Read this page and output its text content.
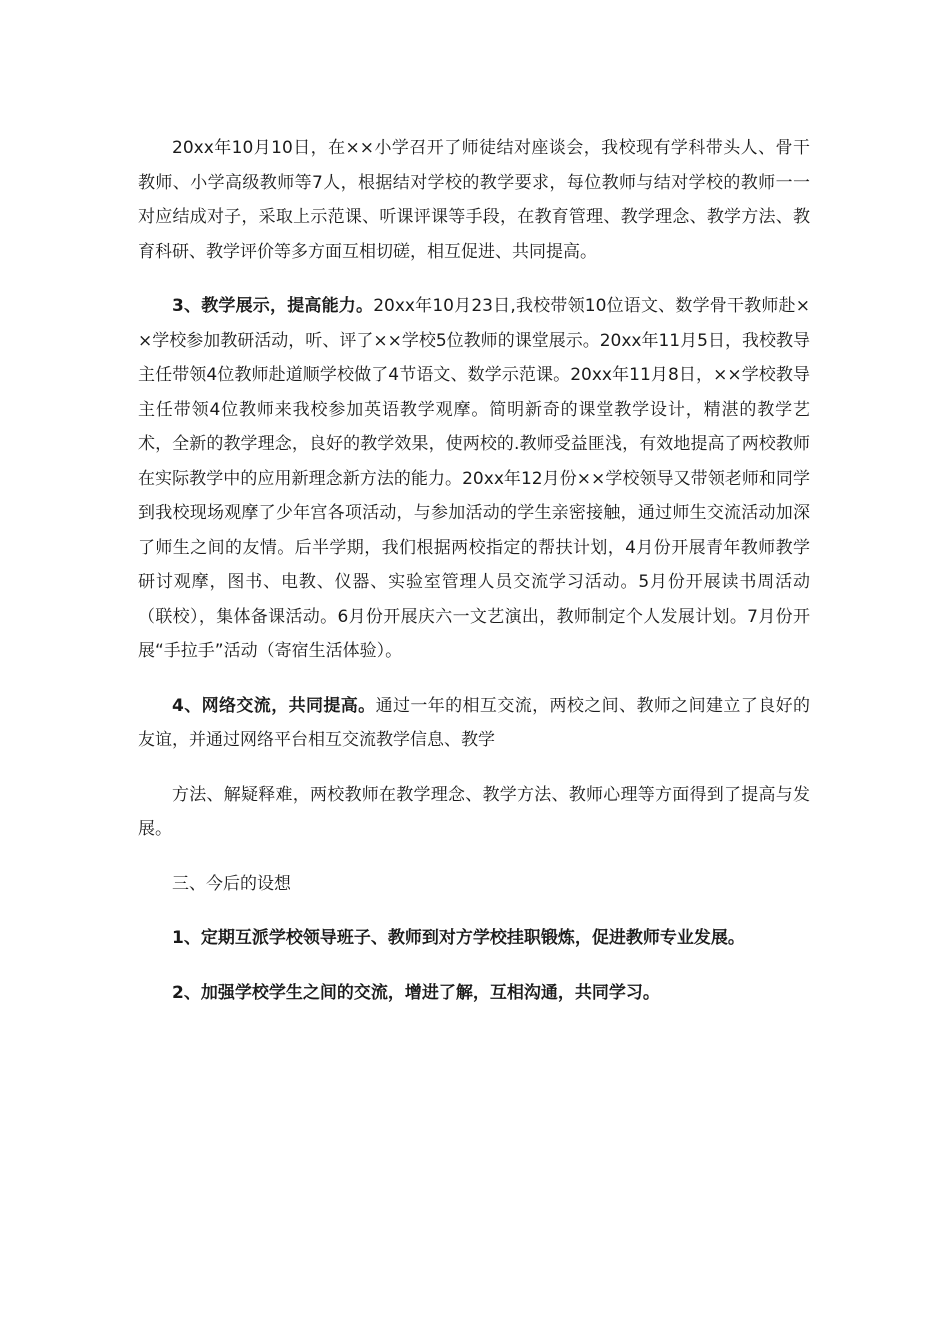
20xx年10月10日，在××小学召开了师徒结对座谈会，我校现有学科带头人、骨干教师、小学高级教师等7人，根据结对学校的教学要求，每位教师与结对学校的教师一一对应结成对子，采取上示范课、听课评课等手段，在教育管理、教学理念、教学方法、教育科研、教学评价等多方面互相切磋，相互促进、共同提高。

3、教学展示，提高能力。20xx年10月23日,我校带领10位语文、数学骨干教师赴××学校参加教研活动，听、评了××学校5位教师的课堂展示。20xx年11月5日，我校教导主任带领4位教师赴道顺学校做了4节语文、数学示范课。20xx年11月8日，××学校教导主任带领4位教师来我校参加英语教学观摩。简明新奇的课堂教学设计，精湛的教学艺术，全新的教学理念，良好的教学效果，使两校的.教师受益匪浅，有效地提高了两校教师在实际教学中的应用新理念新方法的能力。20xx年12月份××学校领导又带领老师和同学到我校现场观摩了少年宫各项活动，与参加活动的学生亲密接触，通过师生交流活动加深了师生之间的友情。后半学期，我们根据两校指定的帮扶计划，4月份开展青年教师教学研讨观摩，图书、电教、仪器、实验室管理人员交流学习活动。5月份开展读书周活动（联校），集体备课活动。6月份开展庆六一文艺演出，教师制定个人发展计划。7月份开展“手拉手”活动（寄宿生活体验）。

4、网络交流，共同提高。通过一年的相互交流，两校之间、教师之间建立了良好的友谊，并通过网络平台相互交流教学信息、教学

方法、解疑释难，两校教师在教学理念、教学方法、教师心理等方面得到了提高与发展。

三、今后的设想

1、定期互派学校领导班子、教师到对方学校挂职锻炼，促进教师专业发展。

2、加强学校学生之间的交流，增进了解，互相沟通，共同学习。
